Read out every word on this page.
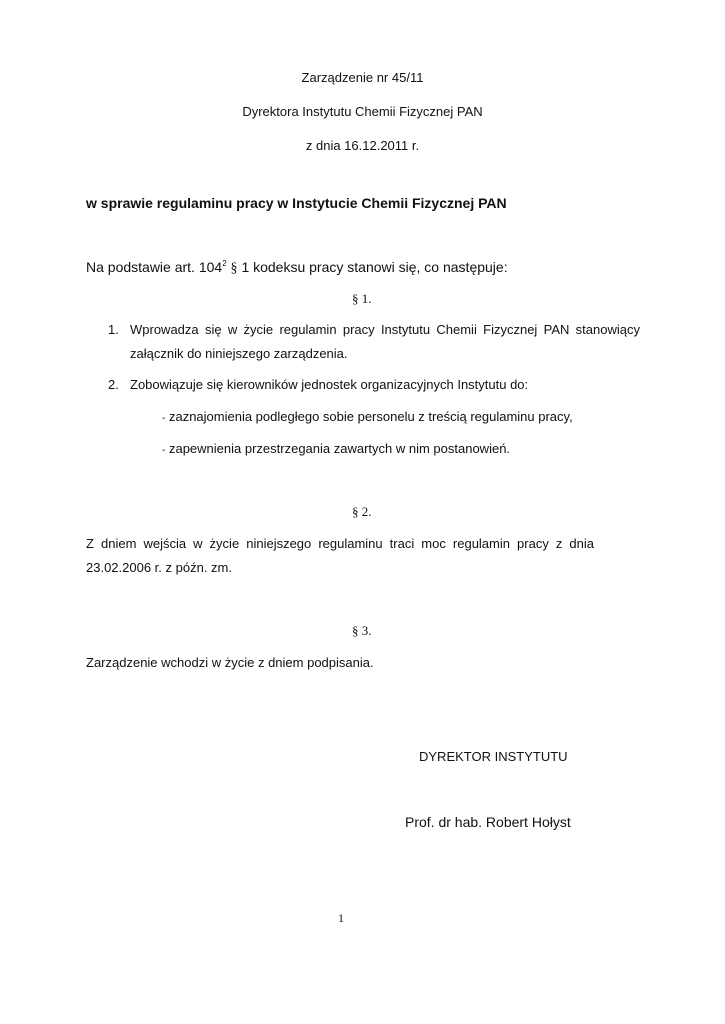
Zarządzenie nr 45/11
Dyrektora Instytutu Chemii Fizycznej PAN
z dnia 16.12.2011 r.
w sprawie regulaminu pracy w Instytucie Chemii Fizycznej PAN
Na podstawie art. $104^2$ § 1 kodeksu pracy stanowi się, co następuje:
§ 1.
1. Wprowadza się w życie regulamin pracy Instytutu Chemii Fizycznej PAN stanowiący
załącznik do niniejszego zarządzenia.
2. Zobowiązuje się kierowników jednostek organizacyjnych Instytutu do:
- zaznajomienia podległego sobie personelu z treścią regulaminu pracy,
- zapewnienia przestrzegania zawartych w nim postanowień.
§ 2.
Z dniem wejścia w życie niniejszego regulaminu traci moc regulamin pracy z dnia
23.02.2006 r. z późn. zm.
§ 3.
Zarządzenie wchodzi w życie z dniem podpisania.
DYREKTOR INSTYTUTU
Prof. dr hab. Robert Hołyst
1
